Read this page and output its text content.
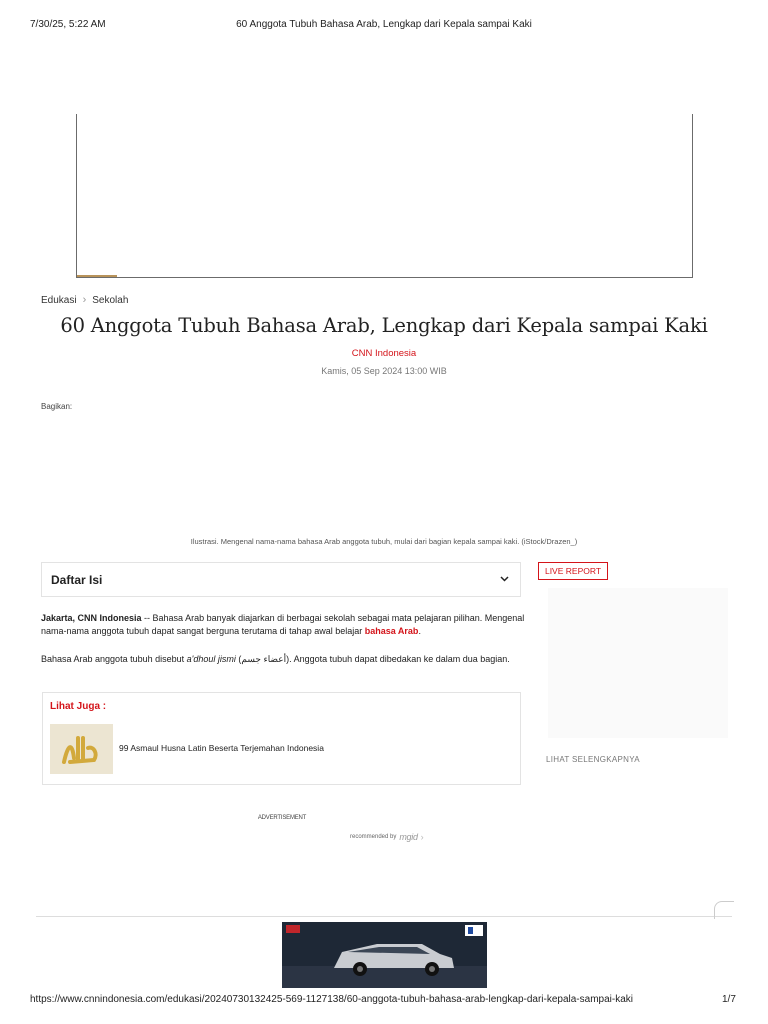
7/30/25, 5:22 AM	60 Anggota Tubuh Bahasa Arab, Lengkap dari Kepala sampai Kaki
Edukasi › Sekolah
60 Anggota Tubuh Bahasa Arab, Lengkap dari Kepala sampai Kaki
CNN Indonesia
Kamis, 05 Sep 2024 13:00 WIB
Bagikan:
Ilustrasi. Mengenal nama-nama bahasa Arab anggota tubuh, mulai dari bagian kepala sampai kaki. (iStock/Drazen_)
Daftar Isi
LIVE REPORT
LIHAT SELENGKAPNYA
Jakarta, CNN Indonesia -- Bahasa Arab banyak diajarkan di berbagai sekolah sebagai mata pelajaran pilihan. Mengenal nama-nama anggota tubuh dapat sangat berguna terutama di tahap awal belajar bahasa Arab.
Bahasa Arab anggota tubuh disebut a'dhoul jismi (أعضاء جسم). Anggota tubuh dapat dibedakan ke dalam dua bagian.
Lihat Juga :
99 Asmaul Husna Latin Beserta Terjemahan Indonesia
ADVERTISEMENT
recommended by mgid ›
https://www.cnnindonesia.com/edukasi/20240730132425-569-1127138/60-anggota-tubuh-bahasa-arab-lengkap-dari-kepala-sampai-kaki	1/7
